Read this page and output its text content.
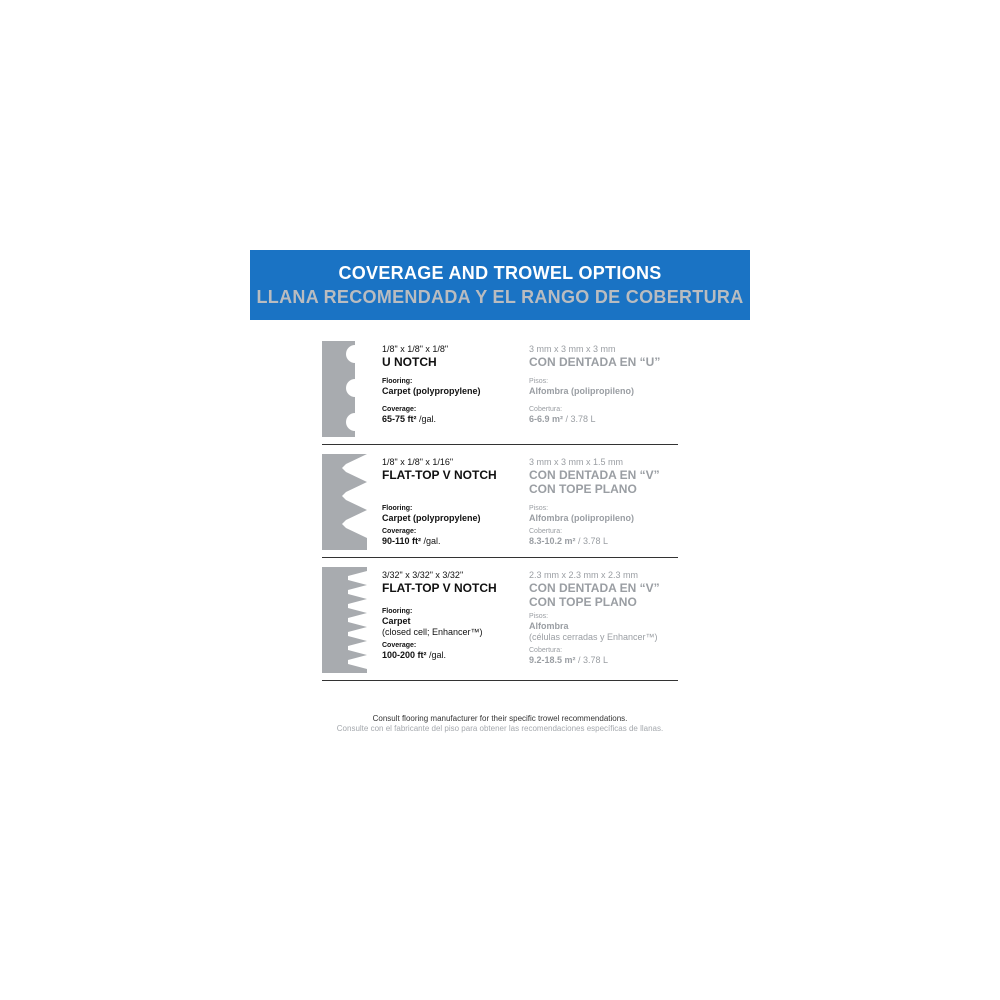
COVERAGE AND TROWEL OPTIONS
LLANA RECOMENDADA Y EL RANGO DE COBERTURA
1/8" x 1/8" x 1/8"
U NOTCH
Flooring:
Carpet (polypropylene)
Coverage:
65-75 ft² /gal.
3 mm x 3 mm x 3 mm
CON DENTADA EN “U”
Pisos:
Alfombra (polipropileno)
Cobertura:
6-6.9 m² / 3.78 L
1/8" x 1/8" x 1/16"
FLAT-TOP V NOTCH
Flooring:
Carpet (polypropylene)
Coverage:
90-110 ft² /gal.
3 mm x 3 mm x 1.5 mm
CON DENTADA EN “V”
CON TOPE PLANO
Pisos:
Alfombra (polipropileno)
Cobertura:
8.3-10.2 m² / 3.78 L
3/32" x 3/32" x 3/32"
FLAT-TOP V NOTCH
Flooring:
Carpet
(closed cell; Enhancer™)
Coverage:
100-200 ft² /gal.
2.3 mm x 2.3 mm x 2.3 mm
CON DENTADA EN “V”
CON TOPE PLANO
Pisos:
Alfombra
(células cerradas y Enhancer™)
Cobertura:
9.2-18.5 m² / 3.78 L
Consult flooring manufacturer for their specific trowel recommendations.
Consulte con el fabricante del piso para obtener las recomendaciones específicas de llanas.
